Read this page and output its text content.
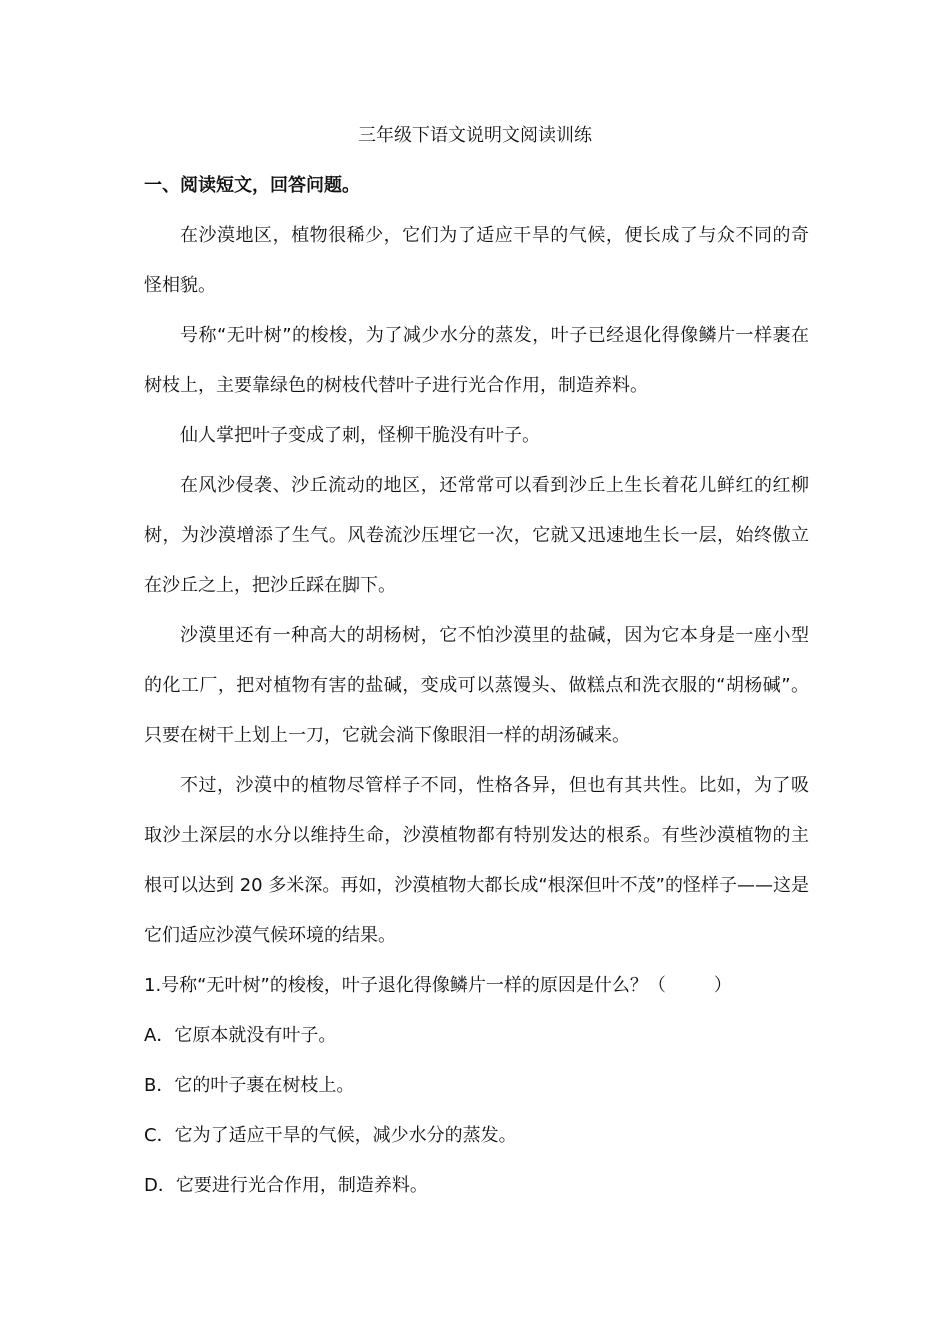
三年级下语文说明文阅读训练

一、阅读短文，回答问题。

在沙漠地区，植物很稀少，它们为了适应干旱的气候，便长成了与众不同的奇怪相貌。

号称“无叶树”的梭梭，为了减少水分的蒸发，叶子已经退化得像鳞片一样裹在树枝上，主要靠绿色的树枝代替叶子进行光合作用，制造养料。

仙人掌把叶子变成了刺，怪柳干脆没有叶子。

在风沙侵袭、沙丘流动的地区，还常常可以看到沙丘上生长着花儿鲜红的红柳树，为沙漠增添了生气。风卷流沙压埋它一次，它就又迅速地生长一层，始终傲立在沙丘之上，把沙丘踩在脚下。

沙漠里还有一种高大的胡杨树，它不怕沙漠里的盐碱，因为它本身是一座小型的化工厂，把对植物有害的盐碱，变成可以蒸馒头、做糕点和洗衣服的“胡杨碱”。只要在树干上划上一刀，它就会淌下像眼泪一样的胡汤碱来。

不过，沙漠中的植物尽管样子不同，性格各异，但也有其共性。比如，为了吸取沙土深层的水分以维持生命，沙漠植物都有特别发达的根系。有些沙漠植物的主根可以达到 20 多米深。再如，沙漠植物大都长成“根深但叶不茂”的怪样子——这是它们适应沙漠气候环境的结果。

1.号称“无叶树”的梭梭，叶子退化得像鳞片一样的原因是什么？（	）

A．它原本就没有叶子。

B．它的叶子裹在树枝上。

C．它为了适应干旱的气候，减少水分的蒸发。

D．它要进行光合作用，制造养料。
